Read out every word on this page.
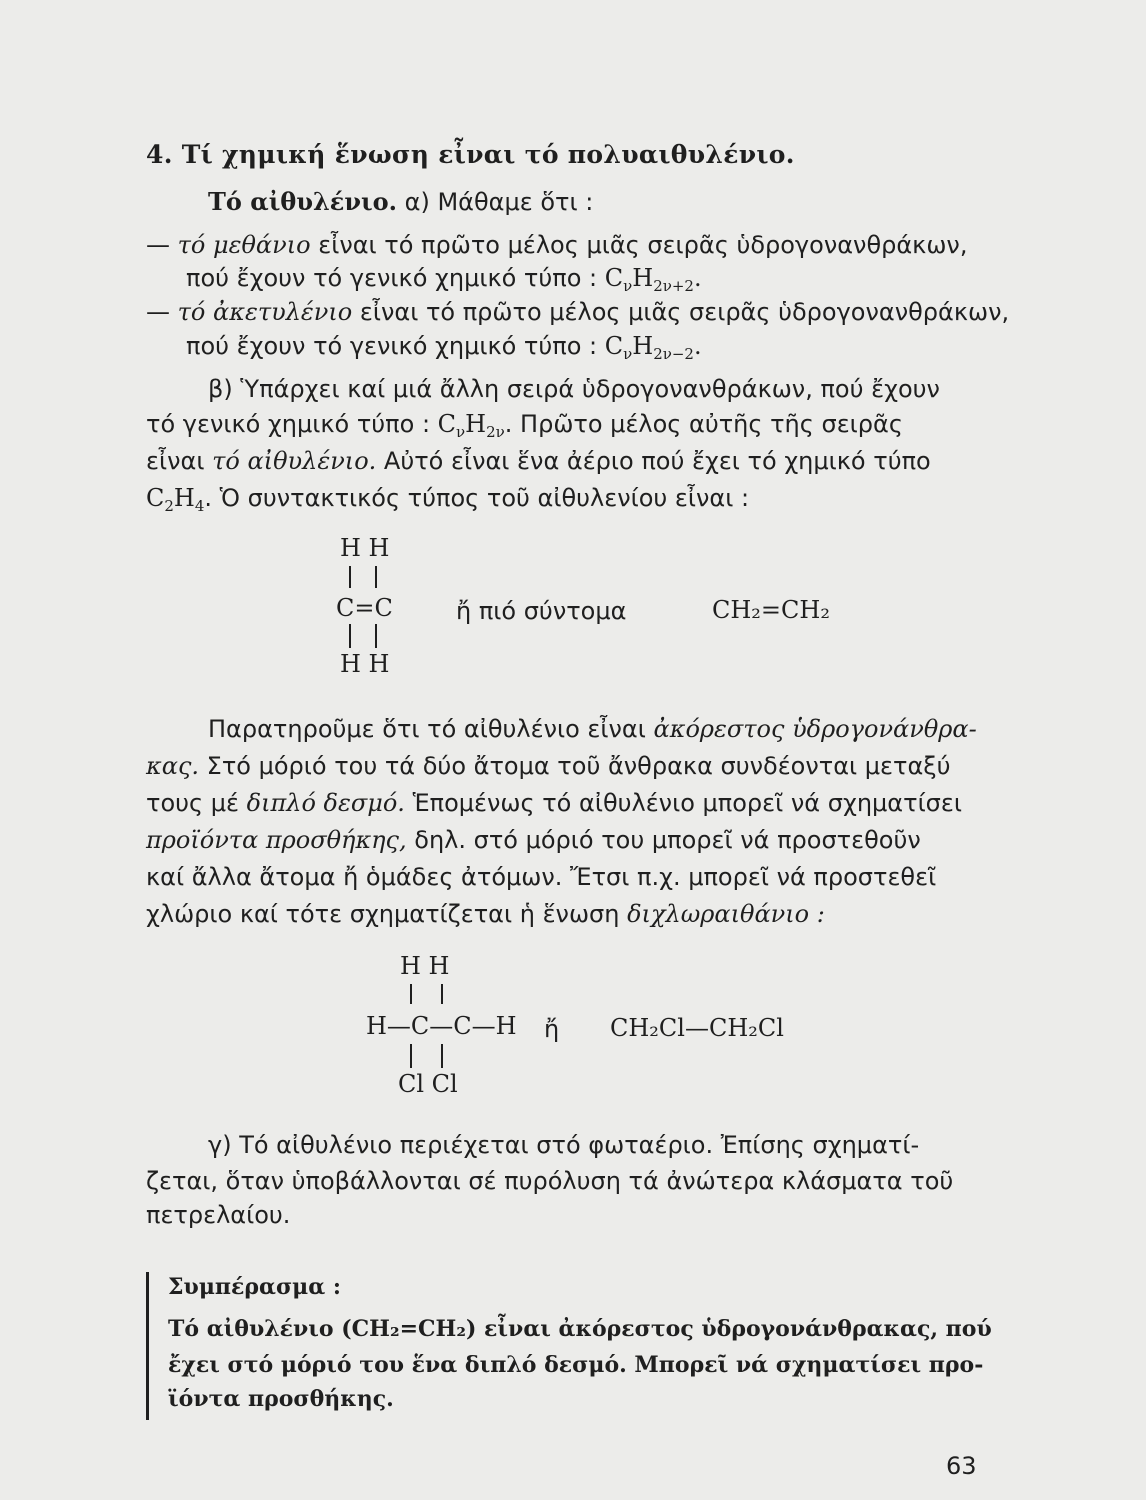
4. Τί χημική ἕνωση εἶναι τό πολυαιθυλένιο.
Τό αἰθυλένιο. α) Μάθαμε ὅτι :
— τό μεθάνιο εἶναι τό πρῶτο μέλος μιᾶς σειρᾶς ὑδρογονανθράκων,
πού ἔχουν τό γενικό χημικό τύπο : $C_\nu H_{2\nu+2}$.
— τό ἀκετυλένιο εἶναι τό πρῶτο μέλος μιᾶς σειρᾶς ὑδρογονανθράκων,
πού ἔχουν τό γενικό χημικό τύπο : $C_\nu H_{2\nu-2}$.
β) Ὑπάρχει καί μιά ἄλλη σειρά ὑδρογονανθράκων, πού ἔχουν
τό γενικό χημικό τύπο : $C_\nu H_{2\nu}$. Πρῶτο μέλος αὐτῆς τῆς σειρᾶς
εἶναι τό αἰθυλένιο. Αὐτό εἶναι ἕνα ἀέριο πού ἔχει τό χημικό τύπο
$C_2H_4$. Ὁ συντακτικός τύπος τοῦ αἰθυλενίου εἶναι :
H H
C=C
H H
ἤ πιό σύντομα	CH₂=CH₂
Παρατηροῦμε ὅτι τό αἰθυλένιο εἶναι ἀκόρεστος ὑδρογονάνθρα-
κας. Στό μόριό του τά δύο ἄτομα τοῦ ἄνθρακα συνδέονται μεταξύ
τους μέ διπλό δεσμό. Ἑπομένως τό αἰθυλένιο μπορεῖ νά σχηματίσει
προϊόντα προσθήκης, δηλ. στό μόριό του μπορεῖ νά προστεθοῦν
καί ἄλλα ἄτομα ἤ ὁμάδες ἀτόμων. Ἔτσι π.χ. μπορεῖ νά προστεθεῖ
χλώριο καί τότε σχηματίζεται ἡ ἕνωση διχλωραιθάνιο :
H H
H—C—C—H ἤ CH₂Cl—CH₂Cl
Cl Cl
γ) Τό αἰθυλένιο περιέχεται στό φωταέριο. Ἐπίσης σχηματί-
ζεται, ὅταν ὑποβάλλονται σέ πυρόλυση τά ἀνώτερα κλάσματα τοῦ
πετρελαίου.
Συμπέρασμα :
Τό αἰθυλένιο (CH₂=CH₂) εἶναι ἀκόρεστος ὑδρογονάνθρακας, πού
ἔχει στό μόριό του ἕνα διπλό δεσμό. Μπορεῖ νά σχηματίσει προ-
ϊόντα προσθήκης.
63
